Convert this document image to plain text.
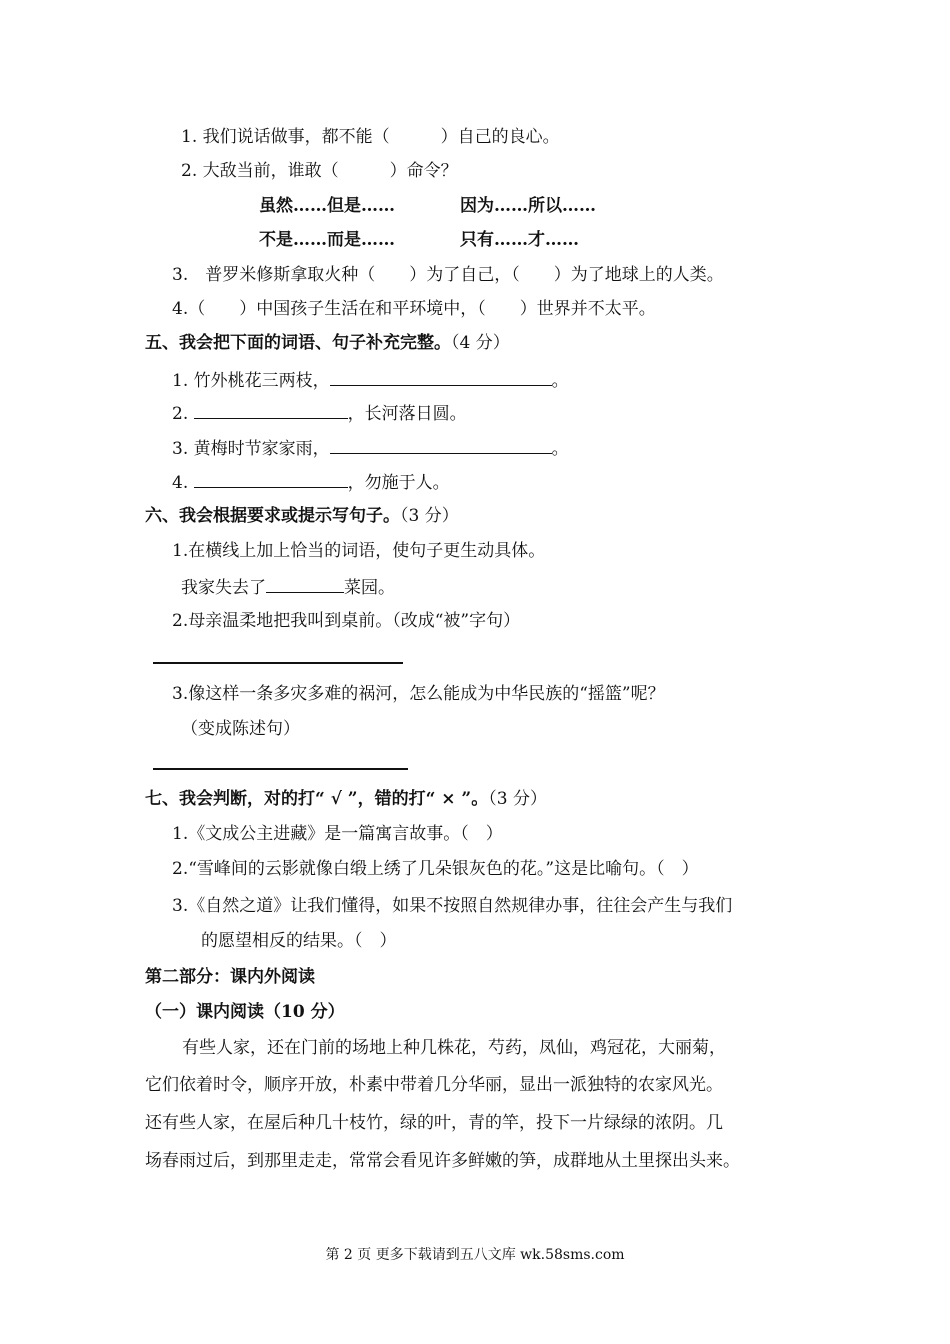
1. 我们说话做事，都不能（　　　）自己的良心。
2. 大敌当前，谁敢（　　　）命令？
虽然……但是……	因为……所以……
不是……而是……	只有……才……
3.　普罗米修斯拿取火种（　　）为了自己，（　　）为了地球上的人类。
4.（　　）中国孩子生活在和平环境中，（　　）世界并不太平。
五、我会把下面的词语、句子补充完整。（4 分）
1. 竹外桃花三两枝，	。
2.	，长河落日圆。
3. 黄梅时节家家雨，	。
4.	，勿施于人。
六、我会根据要求或提示写句子。（3 分）
1.在横线上加上恰当的词语，使句子更生动具体。
我家失去了	菜园。
2.母亲温柔地把我叫到桌前。（改成“被”字句）
3.像这样一条多灾多难的祸河，怎么能成为中华民族的“摇篮”呢？
（变成陈述句）
七、我会判断，对的打“ √ ”，错的打“ × ”。（3 分）
1.《文成公主进藏》是一篇寓言故事。（　）
2.“雪峰间的云影就像白缎上绣了几朵银灰色的花。”这是比喻句。（　）
3.《自然之道》让我们懂得，如果不按照自然规律办事，往往会产生与我们
的愿望相反的结果。（　）
第二部分：课内外阅读
（一）课内阅读（10 分）
有些人家，还在门前的场地上种几株花，芍药，凤仙，鸡冠花，大丽菊，
它们依着时令，顺序开放，朴素中带着几分华丽，显出一派独特的农家风光。
还有些人家，在屋后种几十枝竹，绿的叶，青的竿，投下一片绿绿的浓阴。几
场春雨过后，到那里走走，常常会看见许多鲜嫩的笋，成群地从土里探出头来。
第 2 页 更多下载请到五八文库 wk.58sms.com
